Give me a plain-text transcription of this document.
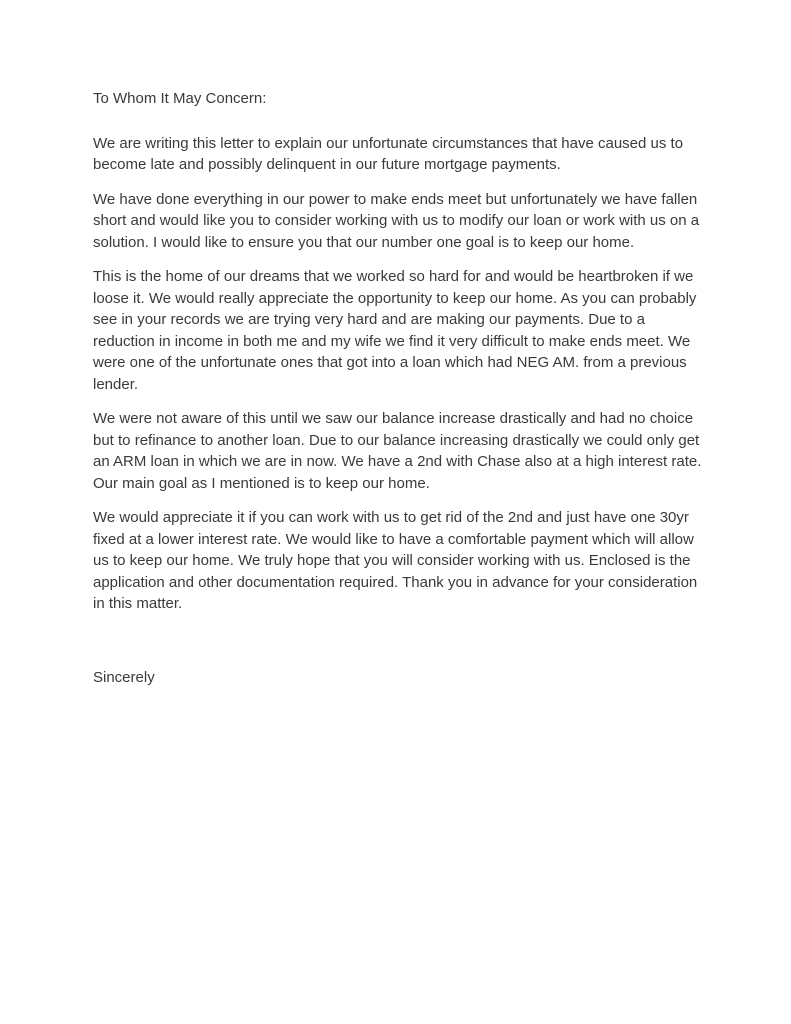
To Whom It May Concern:

We are writing this letter to explain our unfortunate circumstances that have caused us to become late and possibly delinquent in our future mortgage payments.

We have done everything in our power to make ends meet but unfortunately we have fallen short and would like you to consider working with us to modify our loan or work with us on a solution. I would like to ensure you that our number one goal is to keep our home.

This is the home of our dreams that we worked so hard for and would be heartbroken if we loose it. We would really appreciate the opportunity to keep our home. As you can probably see in your records we are trying very hard and are making our payments. Due to a reduction in income in both me and my wife we find it very difficult to make ends meet. We were one of the unfortunate ones that got into a loan which had NEG AM. from a previous lender.

We were not aware of this until we saw our balance increase drastically and had no choice but to refinance to another loan. Due to our balance increasing drastically we could only get an ARM loan in which we are in now. We have a 2nd with Chase also at a high interest rate. Our main goal as I mentioned is to keep our home.

We would appreciate it if you can work with us to get rid of the 2nd and just have one 30yr fixed at a lower interest rate. We would like to have a comfortable payment which will allow us to keep our home. We truly hope that you will consider working with us. Enclosed is the application and other documentation required. Thank you in advance for your consideration in this matter.

Sincerely
